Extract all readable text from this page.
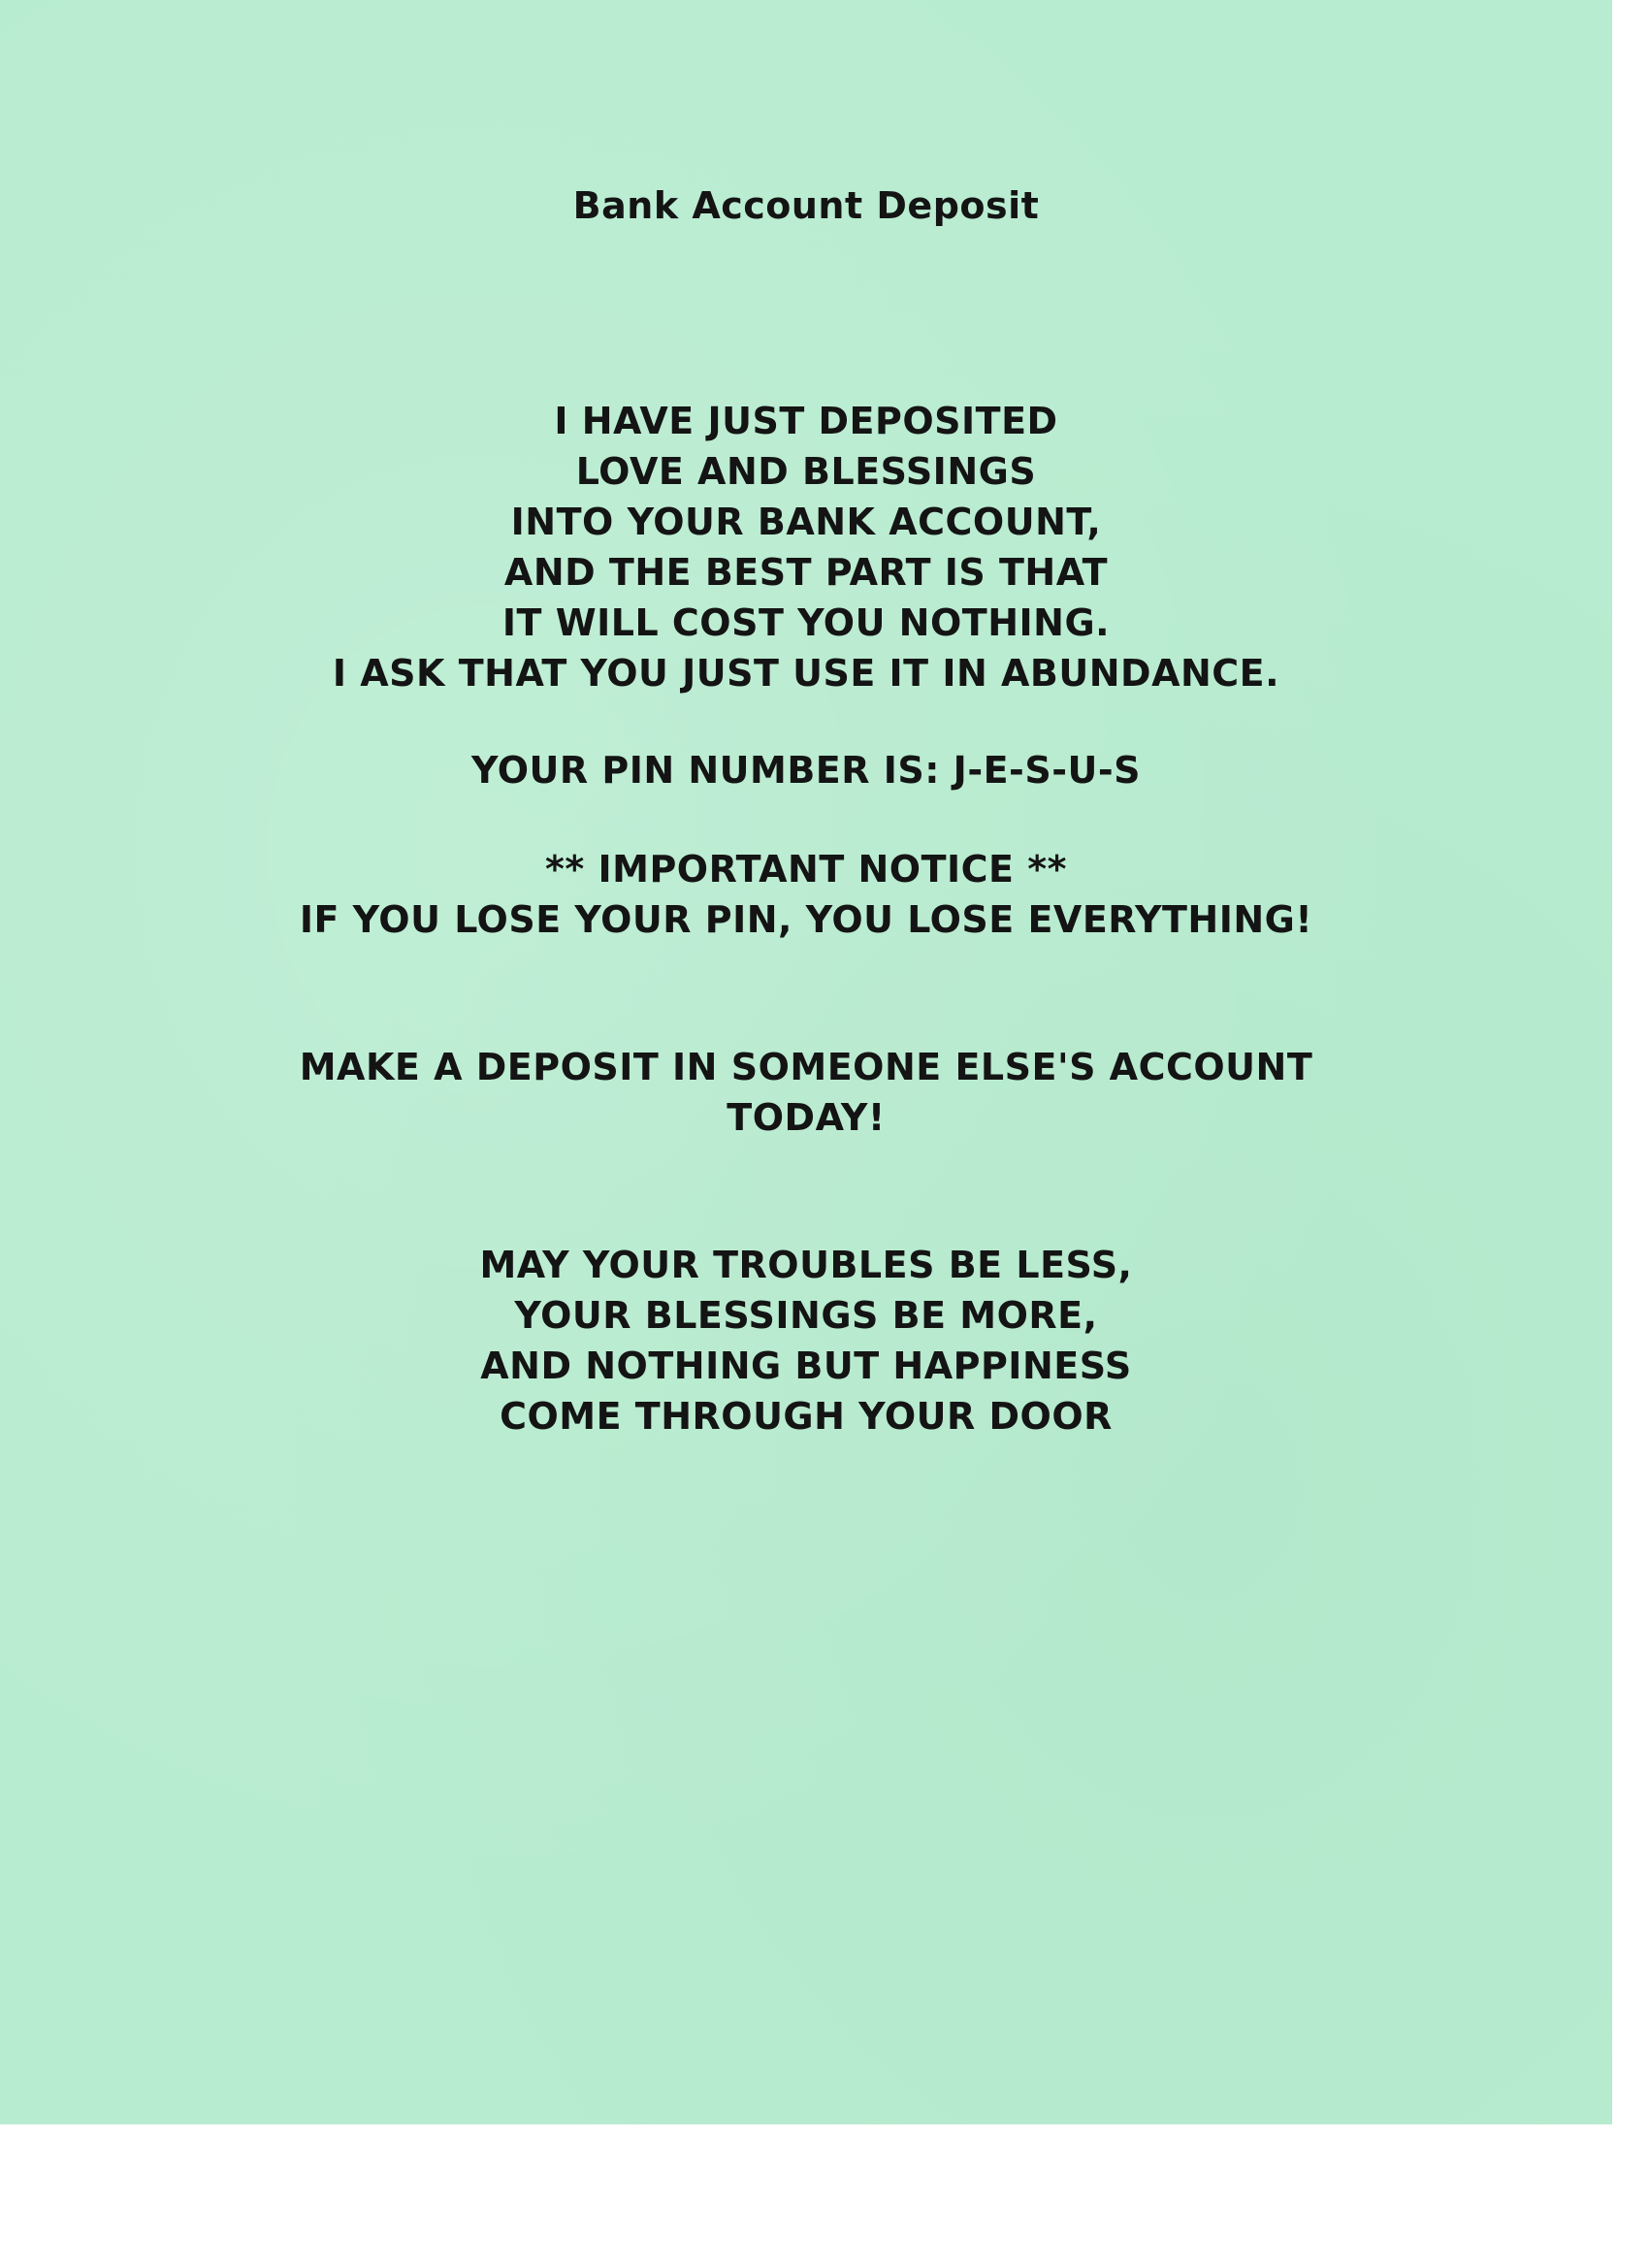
Bank Account Deposit
I HAVE JUST DEPOSITED
LOVE AND BLESSINGS
INTO YOUR BANK ACCOUNT,
AND THE BEST PART IS THAT
IT WILL COST YOU NOTHING.
I ASK THAT YOU JUST USE IT IN ABUNDANCE.
YOUR PIN NUMBER IS: J-E-S-U-S
** IMPORTANT NOTICE **
IF YOU LOSE YOUR PIN, YOU LOSE EVERYTHING!
MAKE A DEPOSIT IN SOMEONE ELSE'S ACCOUNT
TODAY!
MAY YOUR TROUBLES BE LESS,
YOUR BLESSINGS BE MORE,
AND NOTHING BUT HAPPINESS
COME THROUGH YOUR DOOR
